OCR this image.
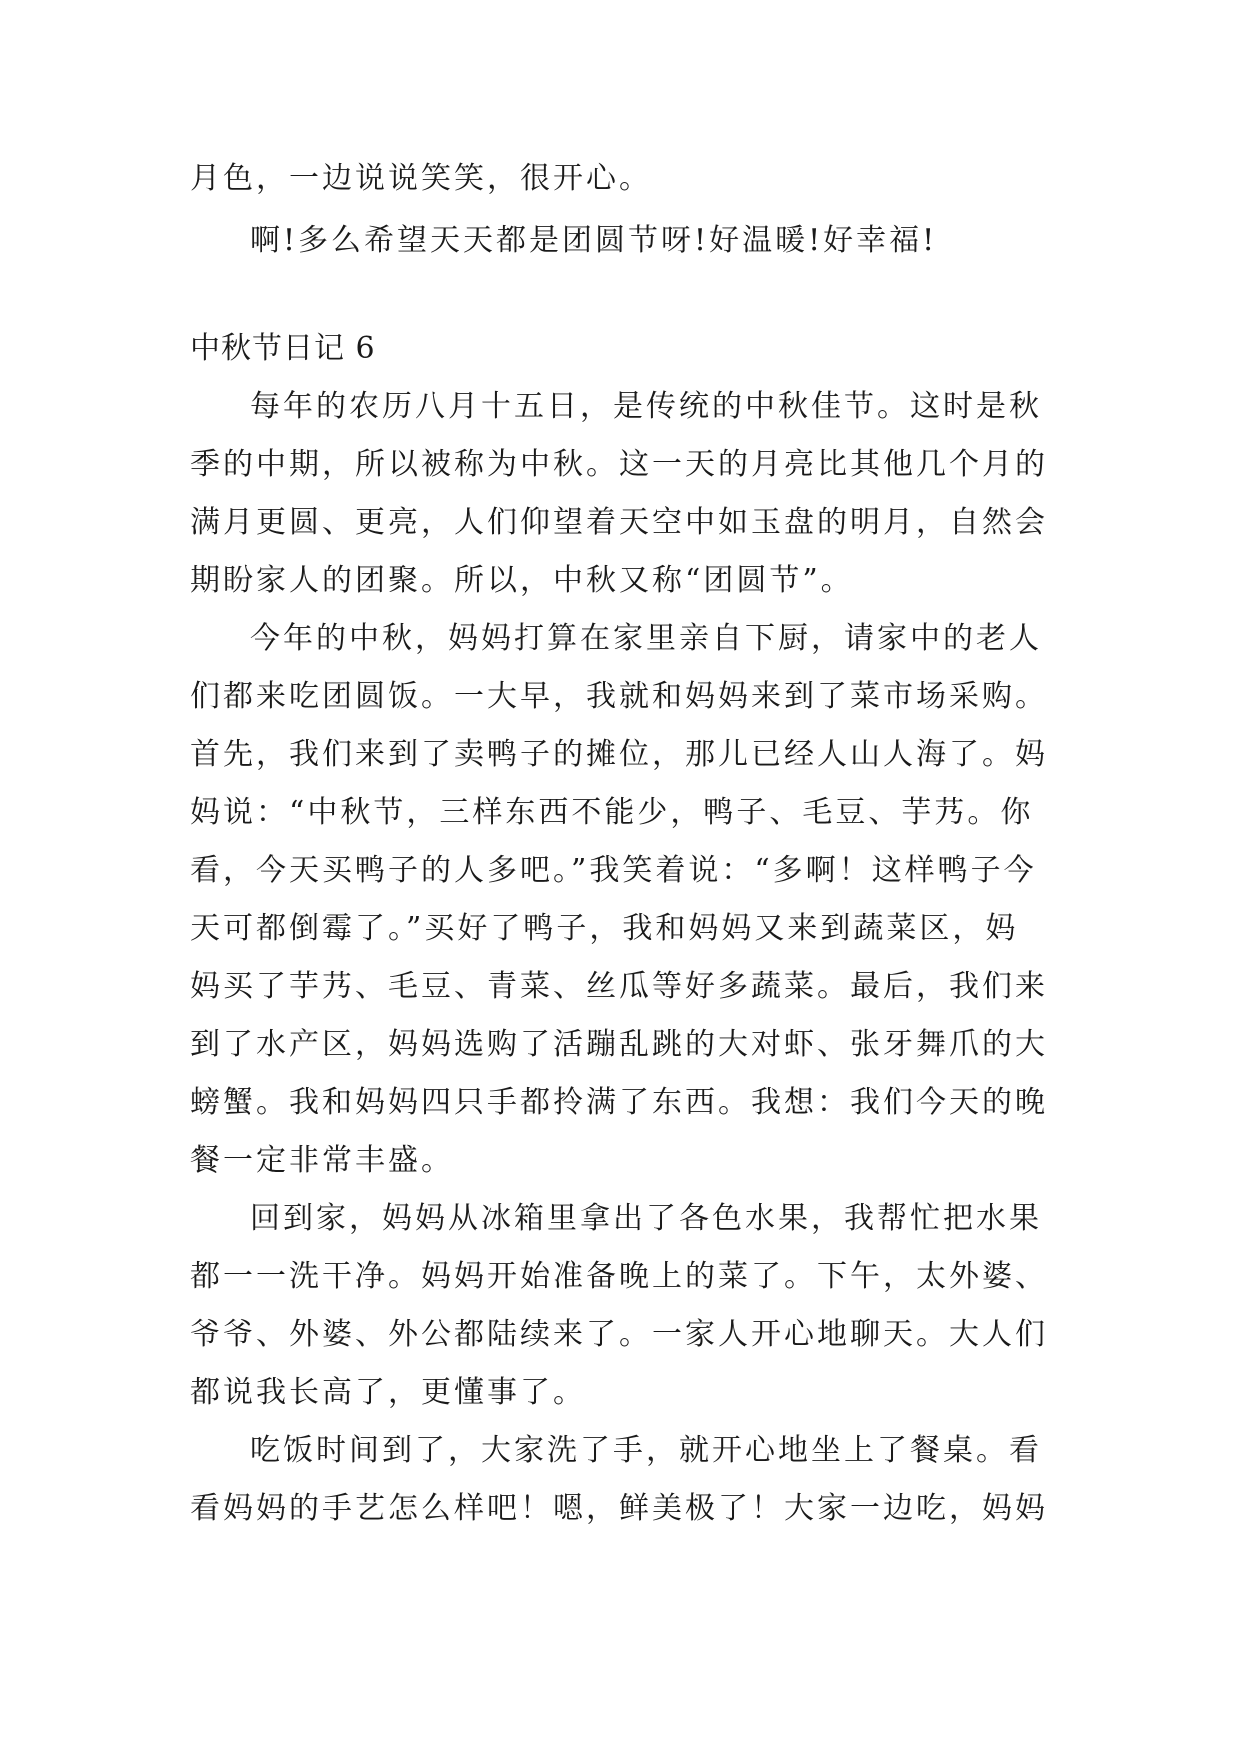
月色，一边说说笑笑，很开心。
啊!多么希望天天都是团圆节呀!好温暖!好幸福!
中秋节日记 6
每年的农历八月十五日，是传统的中秋佳节。这时是秋
季的中期，所以被称为中秋。这一天的月亮比其他几个月的
满月更圆、更亮，人们仰望着天空中如玉盘的明月，自然会
期盼家人的团聚。所以，中秋又称“团圆节”。
今年的中秋，妈妈打算在家里亲自下厨，请家中的老人
们都来吃团圆饭。一大早，我就和妈妈来到了菜市场采购。
首先，我们来到了卖鸭子的摊位，那儿已经人山人海了。妈
妈说：“中秋节，三样东西不能少，鸭子、毛豆、芋艿。你
看，今天买鸭子的人多吧。”我笑着说：“多啊！这样鸭子今
天可都倒霉了。”买好了鸭子，我和妈妈又来到蔬菜区，妈
妈买了芋艿、毛豆、青菜、丝瓜等好多蔬菜。最后，我们来
到了水产区，妈妈选购了活蹦乱跳的大对虾、张牙舞爪的大
螃蟹。我和妈妈四只手都拎满了东西。我想：我们今天的晚
餐一定非常丰盛。
回到家，妈妈从冰箱里拿出了各色水果，我帮忙把水果
都一一洗干净。妈妈开始准备晚上的菜了。下午，太外婆、
爷爷、外婆、外公都陆续来了。一家人开心地聊天。大人们
都说我长高了，更懂事了。
吃饭时间到了，大家洗了手，就开心地坐上了餐桌。看
看妈妈的手艺怎么样吧！嗯，鲜美极了！大家一边吃，妈妈
